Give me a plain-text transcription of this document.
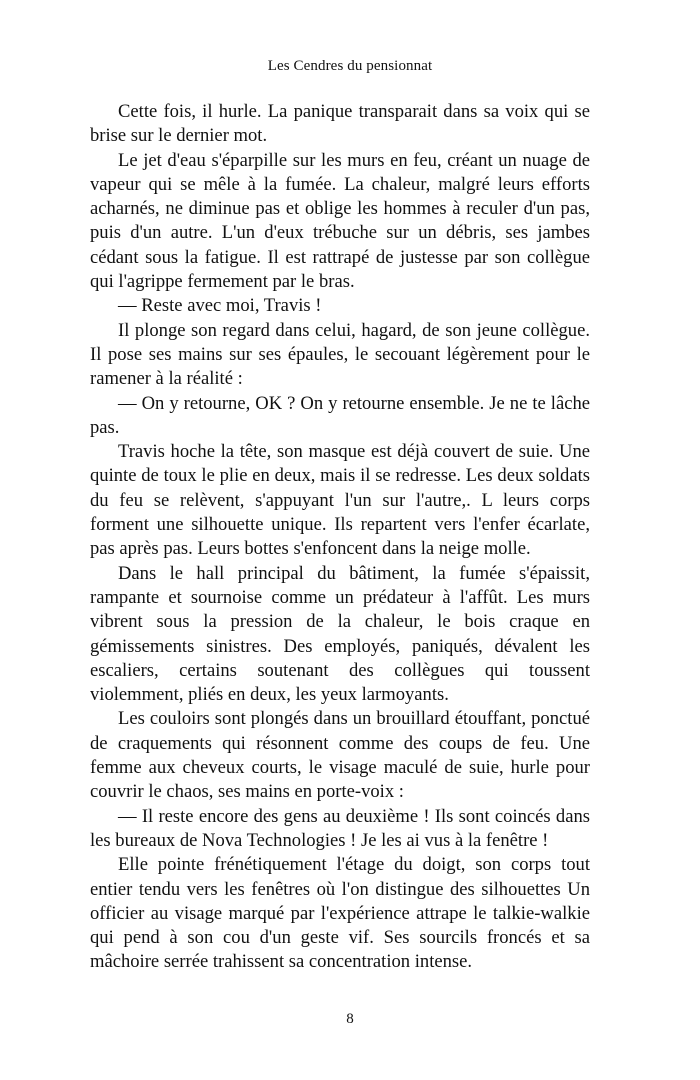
Les Cendres du pensionnat

Cette fois, il hurle. La panique transparait dans sa voix qui se brise sur le dernier mot.

Le jet d'eau s'éparpille sur les murs en feu, créant un nuage de vapeur qui se mêle à la fumée. La chaleur, malgré leurs efforts acharnés, ne diminue pas et oblige les hommes à reculer d'un pas, puis d'un autre. L'un d'eux trébuche sur un débris, ses jambes cédant sous la fatigue. Il est rattrapé de justesse par son collègue qui l'agrippe fermement par le bras.

— Reste avec moi, Travis !

Il plonge son regard dans celui, hagard, de son jeune collègue. Il pose ses mains sur ses épaules, le secouant légèrement pour le ramener à la réalité :

— On y retourne, OK ? On y retourne ensemble. Je ne te lâche pas.

Travis hoche la tête, son masque est déjà couvert de suie. Une quinte de toux le plie en deux, mais il se redresse. Les deux soldats du feu se relèvent, s'appuyant l'un sur l'autre,. L leurs corps forment une silhouette unique. Ils repartent vers l'enfer écarlate, pas après pas. Leurs bottes s'enfoncent dans la neige molle.

Dans le hall principal du bâtiment, la fumée s'épaissit, rampante et sournoise comme un prédateur à l'affût. Les murs vibrent sous la pression de la chaleur, le bois craque en gémissements sinistres. Des employés, paniqués, dévalent les escaliers, certains soutenant des collègues qui toussent violemment, pliés en deux, les yeux larmoyants.

Les couloirs sont plongés dans un brouillard étouffant, ponctué de craquements qui résonnent comme des coups de feu. Une femme aux cheveux courts, le visage maculé de suie, hurle pour couvrir le chaos, ses mains en porte-voix :

— Il reste encore des gens au deuxième ! Ils sont coincés dans les bureaux de Nova Technologies ! Je les ai vus à la fenêtre !

Elle pointe frénétiquement l'étage du doigt, son corps tout entier tendu vers les fenêtres où l'on distingue des silhouettes Un officier au visage marqué par l'expérience attrape le talkie-walkie qui pend à son cou d'un geste vif. Ses sourcils froncés et sa mâchoire serrée trahissent sa concentration intense.

8
